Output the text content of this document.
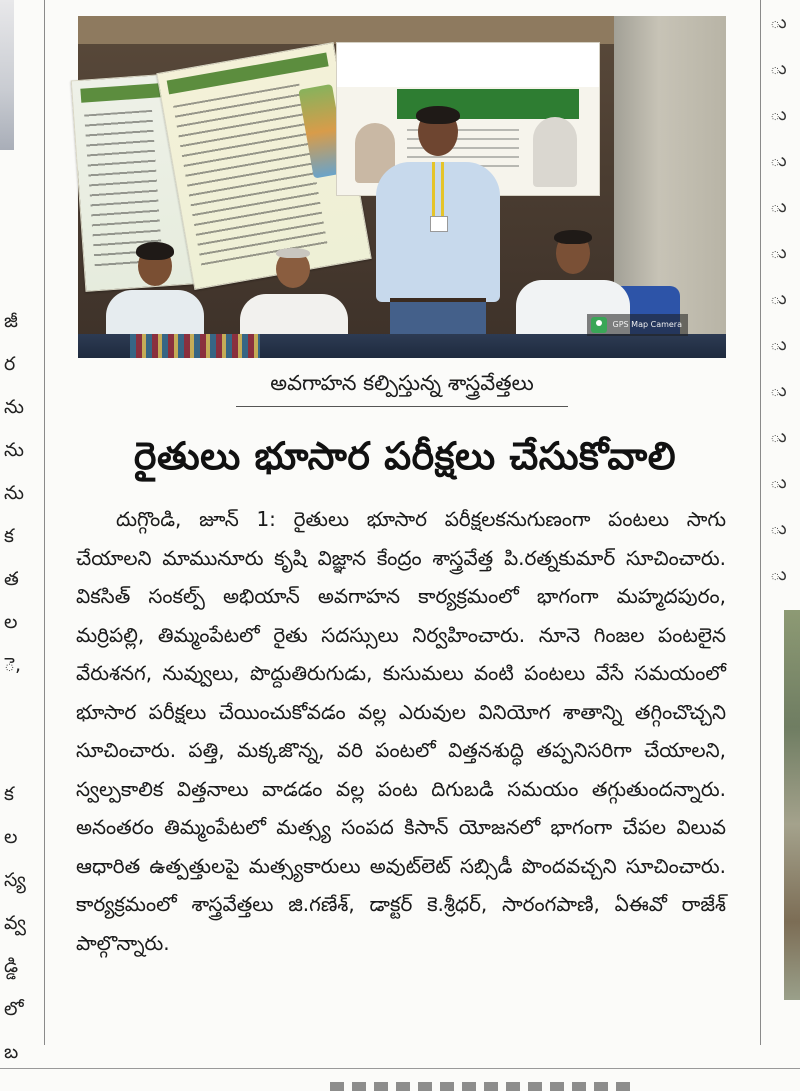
జీ
ర
ను
ను
ను
క
త
ల
ె,

క
ల
స్య
వ్వ
డ్డి
లో
బ
ు
ు
ు
ు
ు
ు
ు
ు
ు
ు
ు
ు
ు
GPS Map Camera
అవగాహన కల్పిస్తున్న శాస్త్రవేత్తలు
రైతులు భూసార పరీక్షలు చేసుకోవాలి
దుగ్గొండి, జూన్ 1: రైతులు భూసార పరీక్షలకనుగుణంగా పంటలు సాగు చేయాలని మామునూరు కృషి విజ్ఞాన కేంద్రం శాస్త్రవేత్త పి.రత్నకుమార్ సూచించారు. వికసిత్ సంకల్ప్ అభియాన్ అవగాహన కార్యక్రమంలో భాగంగా మహ్మదపురం, మర్రిపల్లి, తిమ్మంపేటలో రైతు సదస్సులు నిర్వహించారు. నూనె గింజల పంటలైన వేరుశనగ, నువ్వులు, పొద్దుతిరుగుడు, కుసుమలు వంటి పంటలు వేసే సమయంలో భూసార పరీక్షలు చేయించుకోవడం వల్ల ఎరువుల వినియోగ శాతాన్ని తగ్గించొచ్చని సూచించారు. పత్తి, మక్కజొన్న, వరి పంటలో విత్తనశుద్ధి తప్పనిసరిగా చేయాలని, స్వల్పకాలిక విత్తనాలు వాడడం వల్ల పంట దిగుబడి సమయం తగ్గుతుందన్నారు. అనంతరం తిమ్మంపేటలో మత్స్య సంపద కిసాన్ యోజనలో భాగంగా చేపల విలువ ఆధారిత ఉత్పత్తులపై మత్స్యకారులు అవుట్‌లెట్ సబ్సిడీ పొందవచ్చని సూచించారు. కార్యక్రమంలో శాస్త్రవేత్తలు జి.గణేశ్, డాక్టర్ కె.శ్రీధర్, సారంగపాణి, ఏఈవో రాజేశ్ పాల్గొన్నారు.
